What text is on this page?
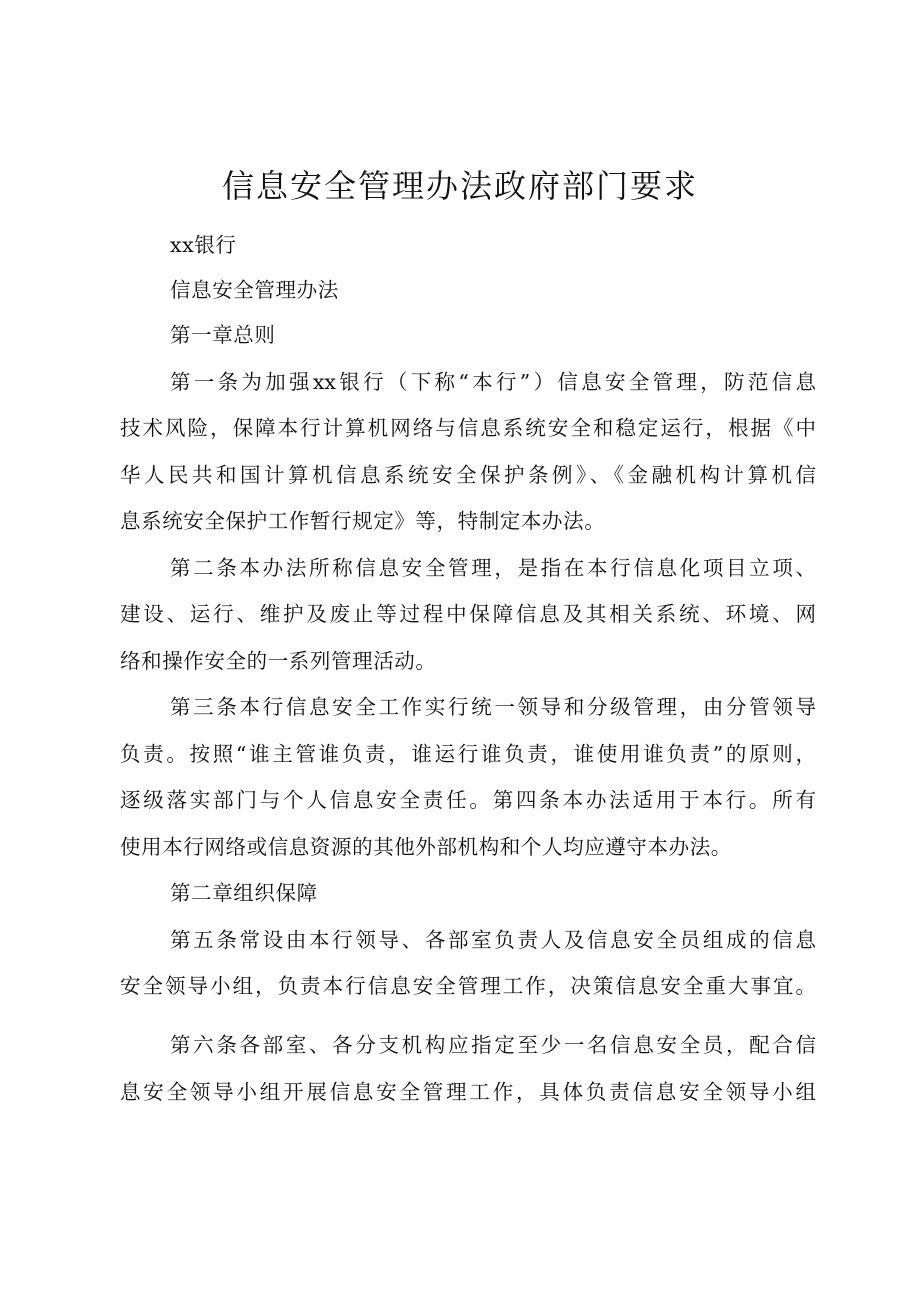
信息安全管理办法政府部门要求
xx银行
信息安全管理办法
第一章总则
第一条为加强xx银行（下称“本行”）信息安全管理，防范信息
技术风险，保障本行计算机网络与信息系统安全和稳定运行，根据《中
华人民共和国计算机信息系统安全保护条例》、《金融机构计算机信
息系统安全保护工作暂行规定》等，特制定本办法。
第二条本办法所称信息安全管理，是指在本行信息化项目立项、
建设、运行、维护及废止等过程中保障信息及其相关系统、环境、网
络和操作安全的一系列管理活动。
第三条本行信息安全工作实行统一领导和分级管理，由分管领导
负责。按照“谁主管谁负责，谁运行谁负责，谁使用谁负责”的原则，
逐级落实部门与个人信息安全责任。第四条本办法适用于本行。所有
使用本行网络或信息资源的其他外部机构和个人均应遵守本办法。
第二章组织保障
第五条常设由本行领导、各部室负责人及信息安全员组成的信息
安全领导小组，负责本行信息安全管理工作，决策信息安全重大事宜。
第六条各部室、各分支机构应指定至少一名信息安全员，配合信
息安全领导小组开展信息安全管理工作，具体负责信息安全领导小组
